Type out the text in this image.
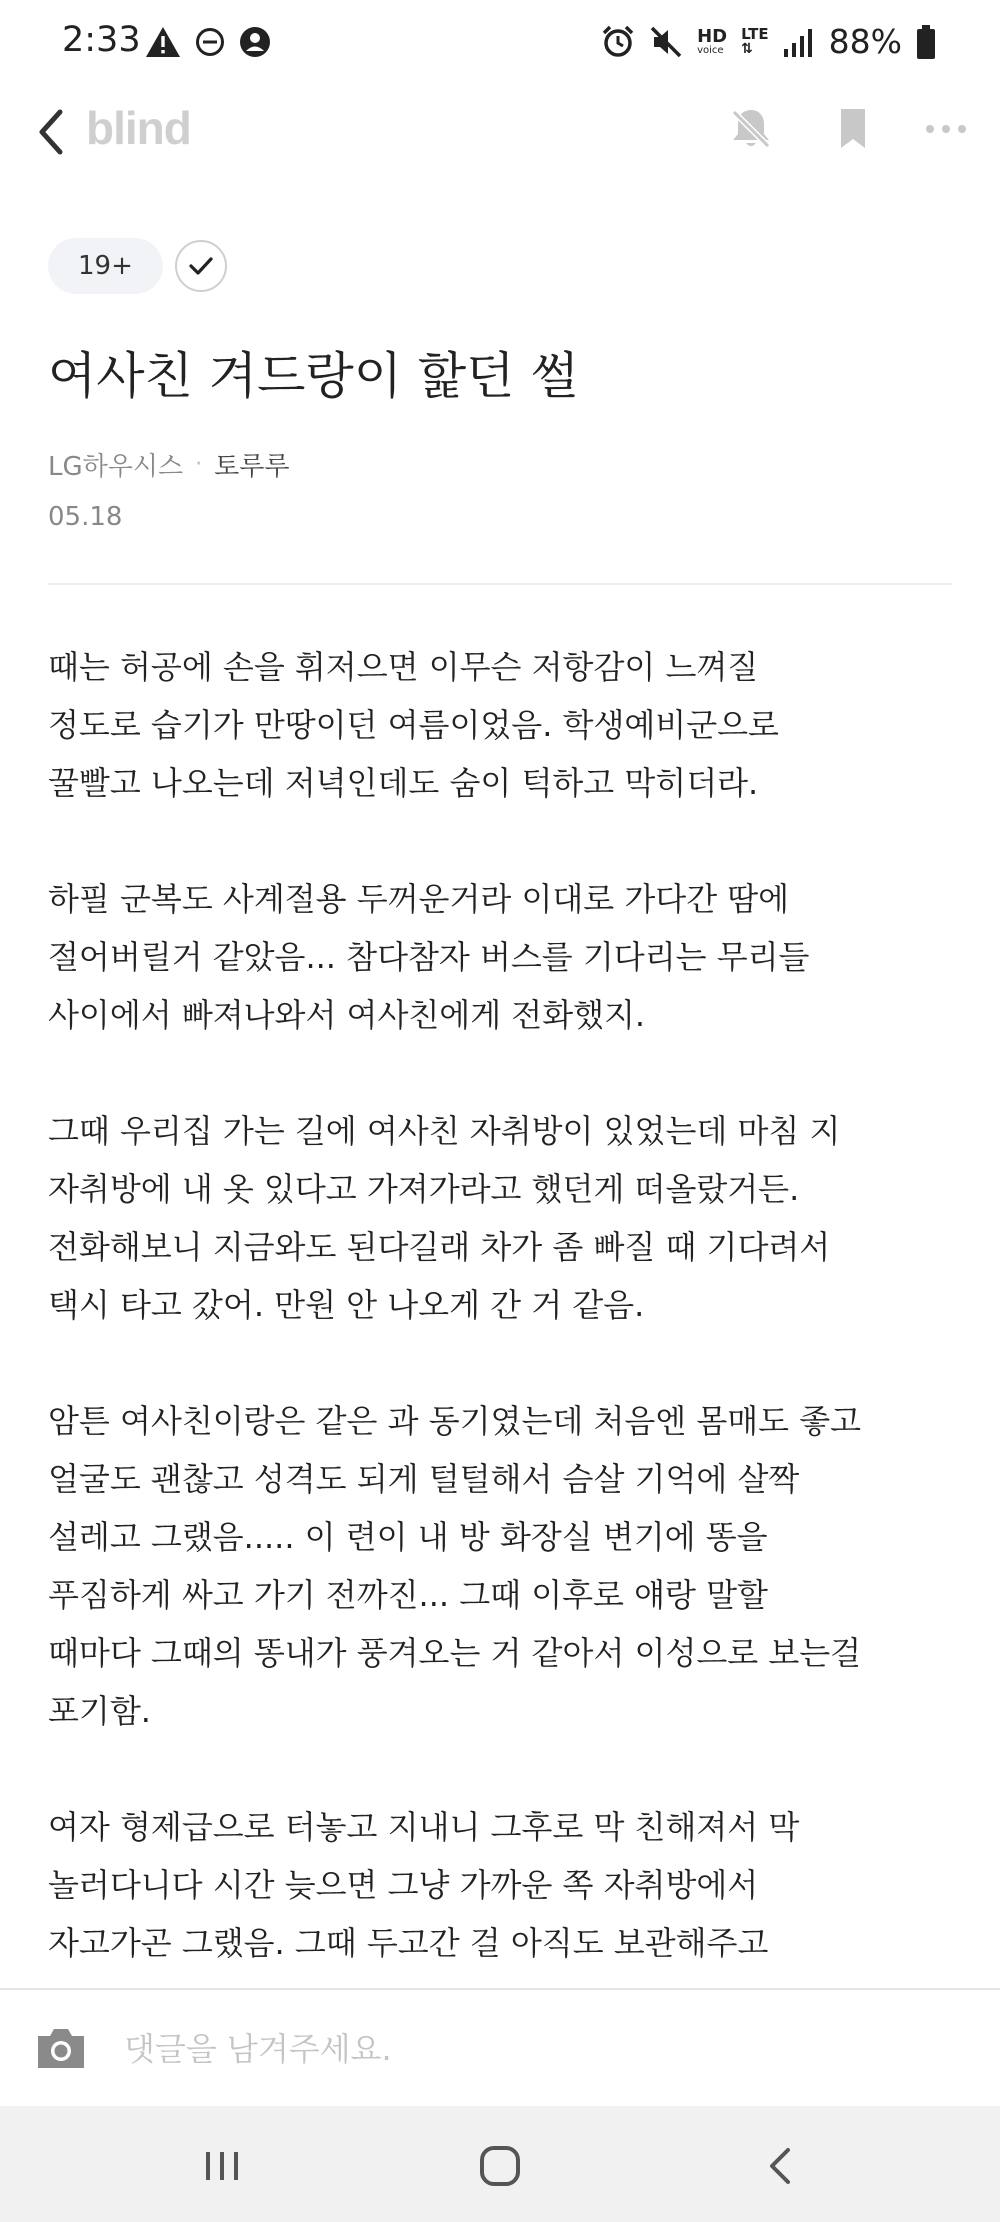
2:33	HD
voice
LTE
⇅	88%
blind
19+
여사친 겨드랑이 핥던 썰
LG하우시스 · 토루루
05.18

때는 허공에 손을 휘저으면 이무슨 저항감이 느껴질
정도로 습기가 만땅이던 여름이었음. 학생예비군으로
꿀빨고 나오는데 저녁인데도 숨이 턱하고 막히더라.

하필 군복도 사계절용 두꺼운거라 이대로 가다간 땀에
절어버릴거 같았음... 참다참자 버스를 기다리는 무리들
사이에서 빠져나와서 여사친에게 전화했지.

그때 우리집 가는 길에 여사친 자취방이 있었는데 마침 지
자취방에 내 옷 있다고 가져가라고 했던게 떠올랐거든.
전화해보니 지금와도 된다길래 차가 좀 빠질 때 기다려서
택시 타고 갔어. 만원 안 나오게 간 거 같음.

암튼 여사친이랑은 같은 과 동기였는데 처음엔 몸매도 좋고
얼굴도 괜찮고 성격도 되게 털털해서 슴살 기억에 살짝
설레고 그랬음..... 이 련이 내 방 화장실 변기에 똥을
푸짐하게 싸고 가기 전까진... 그때 이후로 얘랑 말할
때마다 그때의 똥내가 풍겨오는 거 같아서 이성으로 보는걸
포기함.

여자 형제급으로 터놓고 지내니 그후로 막 친해져서 막
놀러다니다 시간 늦으면 그냥 가까운 쪽 자취방에서
자고가곤 그랬음. 그때 두고간 걸 아직도 보관해주고

댓글을 남겨주세요.
